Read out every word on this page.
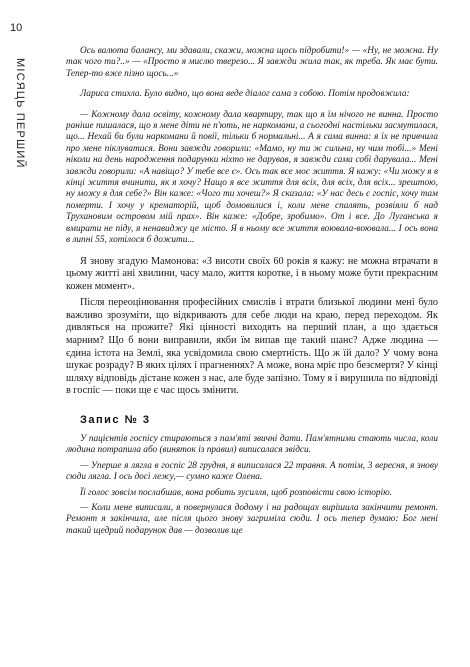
10
МІСЯЦЬ ПЕРШИЙ

Ось валюта балансу, ми здавали, скажи, можна щось підробити!» — «Ну, не можна. Ну так чого ти?..» — «Просто я мислю тверезо... Я завжди жила так, як треба. Як має бути. Тепер-то вже пізно щось...»

Лариса стихла. Було видно, що вона веде діалог сама з собою. Потім продовжила:

— Кожному дала освіту, кожному дала квартиру, так що я їм нічого не винна. Просто раніше пишалася, що я мене діти не п'ють, не наркомани, а сьогодні настільки засмутилася, що... Нехай би були наркомани й повії, тільки б нормальні... А я сама винна: я їх не привчила про мене піклуватися. Вони завжди говорили: «Мамо, ну ти ж сильна, ну чим тобі...» Мені ніколи на день народження подарунки ніхто не дарував, я завжди сама собі дарувала... Мені завжди говорили: «А навіщо? У тебе все є». Ось так все моє життя. Я кажу: «Чи можу я в кінці життя вчинити, як я хочу? Нащо я все життя для всіх, для всіх, для всіх... зрештою, ну можу я для себе?» Він каже: «Чого ти хочеш?» Я сказала: «У нас десь є госпіс, хочу там померти. І хочу у крематорій, щоб домовилися і, коли мене спалять, розвіяли б над Трухановим островом мій прах». Він каже: «Добре, зробимо». От і все. До Луганська я вмирати не піду, я ненавиджу це місто. Я в ньому все життя воювала-воювала... І ось вона в липні 55, хотілося б дожити...

Я знову згадую Мамонова: «З висоти своїх 60 років я кажу: не можна втрачати в цьому житті ані хвилини, часу мало, життя коротке, і в ньому може бути прекрасним кожен момент».

Після переоцінювання професійних смислів і втрати близької людини мені було важливо зрозуміти, що відкривають для себе люди на краю, перед переходом. Як дивляться на прожите? Які цінності виходять на перший план, а що здається марним? Що б вони виправили, якби їм випав ще такий шанс? Адже людина — єдина істота на Землі, яка усвідомила свою смертність. Що ж їй дало? У чому вона шукає розраду? В яких цілях і прагненнях? А може, вона мріє про безсмертя? У кінці шляху відповідь дістане кожен з нас, але буде запізно. Тому я і вирушила по відповіді в госпіс — поки ще є час щось змінити.

Запис № 3

У пацієнтів госпісу стираються з пам'яті звичні дати. Пам'ятними стають числа, коли людина потрапила або (виняток із правил) виписалася звідси.

— Уперше я лягла в госпіс 28 грудня, я виписалася 22 травня. А потім, 3 вересня, я знову сюди лягла. І ось досі лежу,— сумно каже Олена.

Її голос зовсім послабшав, вона робить зусилля, щоб розповісти свою історію.

— Коли мене виписали, я повернулася додому і на радощах вирішила закінчити ремонт. Ремонт я закінчила, але після цього знову загриміла сюди. І ось тепер думаю: Бог мені такий щедрий подарунок дав — дозволив ще
